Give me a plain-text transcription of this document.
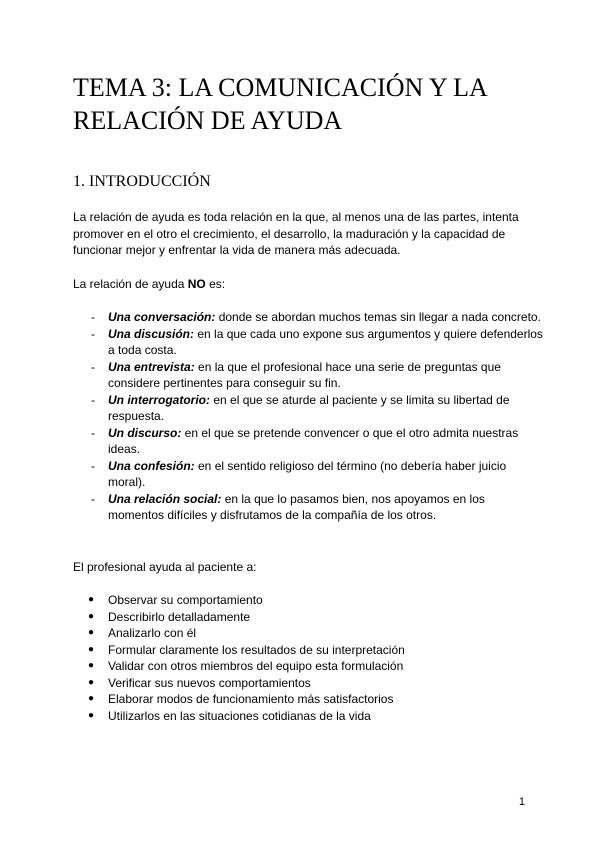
TEMA 3: LA COMUNICACIÓN Y LA RELACIÓN DE AYUDA
1. INTRODUCCIÓN

La relación de ayuda es toda relación en la que, al menos una de las partes, intenta promover en el otro el crecimiento, el desarrollo, la maduración y la capacidad de funcionar mejor y enfrentar la vida de manera más adecuada.

La relación de ayuda NO es:

- Una conversación: donde se abordan muchos temas sin llegar a nada concreto.
- Una discusión: en la que cada uno expone sus argumentos y quiere defenderlos a toda costa.
- Una entrevista: en la que el profesional hace una serie de preguntas que considere pertinentes para conseguir su fin.
- Un interrogatorio: en el que se aturde al paciente y se limita su libertad de respuesta.
- Un discurso: en el que se pretende convencer o que el otro admita nuestras ideas.
- Una confesión: en el sentido religioso del término (no debería haber juicio moral).
- Una relación social: en la que lo pasamos bien, nos apoyamos en los momentos difíciles y disfrutamos de la compañía de los otros.

El profesional ayuda al paciente a:

● Observar su comportamiento
● Describirlo detalladamente
● Analizarlo con él
● Formular claramente los resultados de su interpretación
● Validar con otros miembros del equipo esta formulación
● Verificar sus nuevos comportamientos
● Elaborar modos de funcionamiento más satisfactorios
● Utilizarlos en las situaciones cotidianas de la vida
1
